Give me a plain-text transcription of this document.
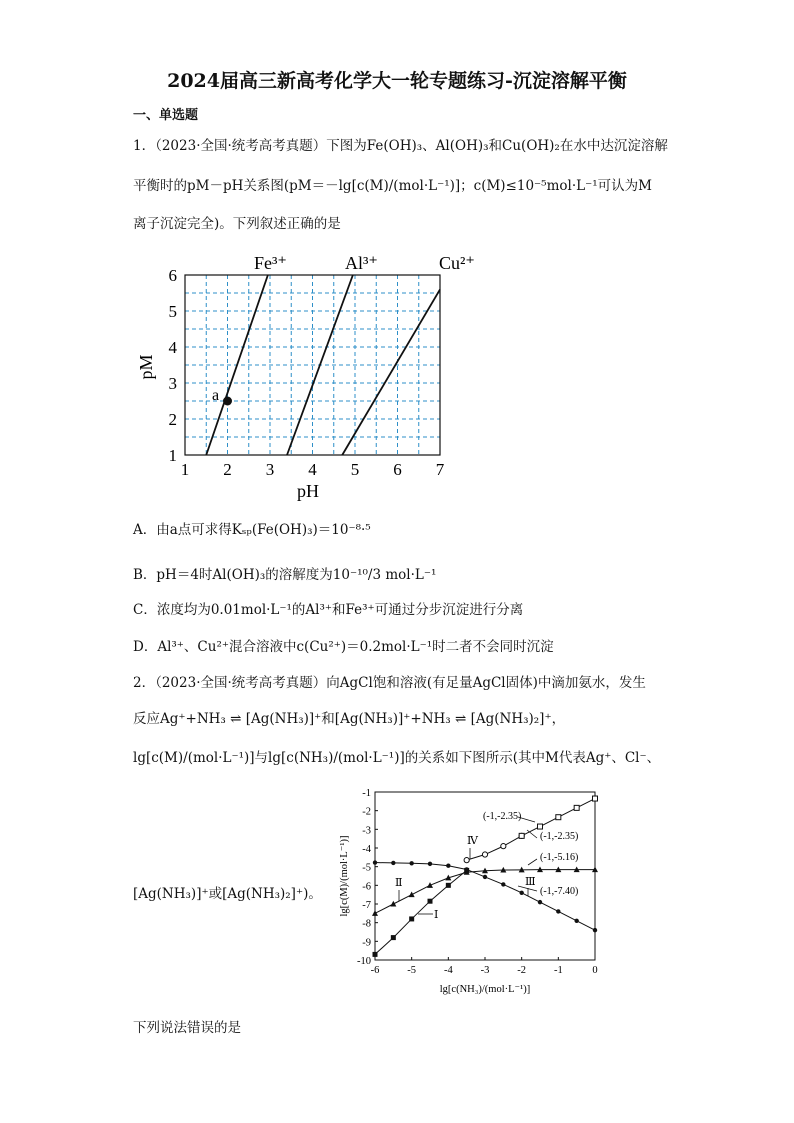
2024届高三新高考化学大一轮专题练习-沉淀溶解平衡
一、单选题
1．（2023·全国·统考高考真题）下图为Fe(OH)₃、Al(OH)₃和Cu(OH)₂在水中达沉淀溶解
平衡时的pM－pH关系图(pM＝－lg[c(M)/(mol·L⁻¹)]；c(M)≤10⁻⁵mol·L⁻¹可认为M
离子沉淀完全)。下列叙述正确的是
1 2 3 4 5 6 7
1
2
3
4
5
6
pH
pM
Fe³⁺	Al³⁺	Cu²⁺
a
A．由a点可求得Kₛₚ(Fe(OH)₃)＝10⁻⁸·⁵
B．pH＝4时Al(OH)₃的溶解度为10⁻¹⁰/3 mol·L⁻¹
C．浓度均为0.01mol·L⁻¹的Al³⁺和Fe³⁺可通过分步沉淀进行分离
D．Al³⁺、Cu²⁺混合溶液中c(Cu²⁺)＝0.2mol·L⁻¹时二者不会同时沉淀
2．（2023·全国·统考高考真题）向AgCl饱和溶液(有足量AgCl固体)中滴加氨水，发生
反应Ag⁺+NH₃ ⇌ [Ag(NH₃)]⁺和[Ag(NH₃)]⁺+NH₃ ⇌ [Ag(NH₃)₂]⁺，
lg[c(M)/(mol·L⁻¹)]与lg[c(NH₃)/(mol·L⁻¹)]的关系如下图所示(其中M代表Ag⁺、Cl⁻、
[Ag(NH₃)]⁺或[Ag(NH₃)₂]⁺)。
-6	-5	-4	-3	-2	-1	0
-1
-2
-3
-4
-5
-6
-7
-8
-9
-10
lg[c(M)/(mol·L⁻¹)]
lg[c(NH₃)/(mol·L⁻¹)]
(-1,-2.35)
(-1,-2.35)
(-1,-5.16)
(-1,-7.40)
Ⅳ
Ⅱ	Ⅲ
Ⅰ
下列说法错误的是
